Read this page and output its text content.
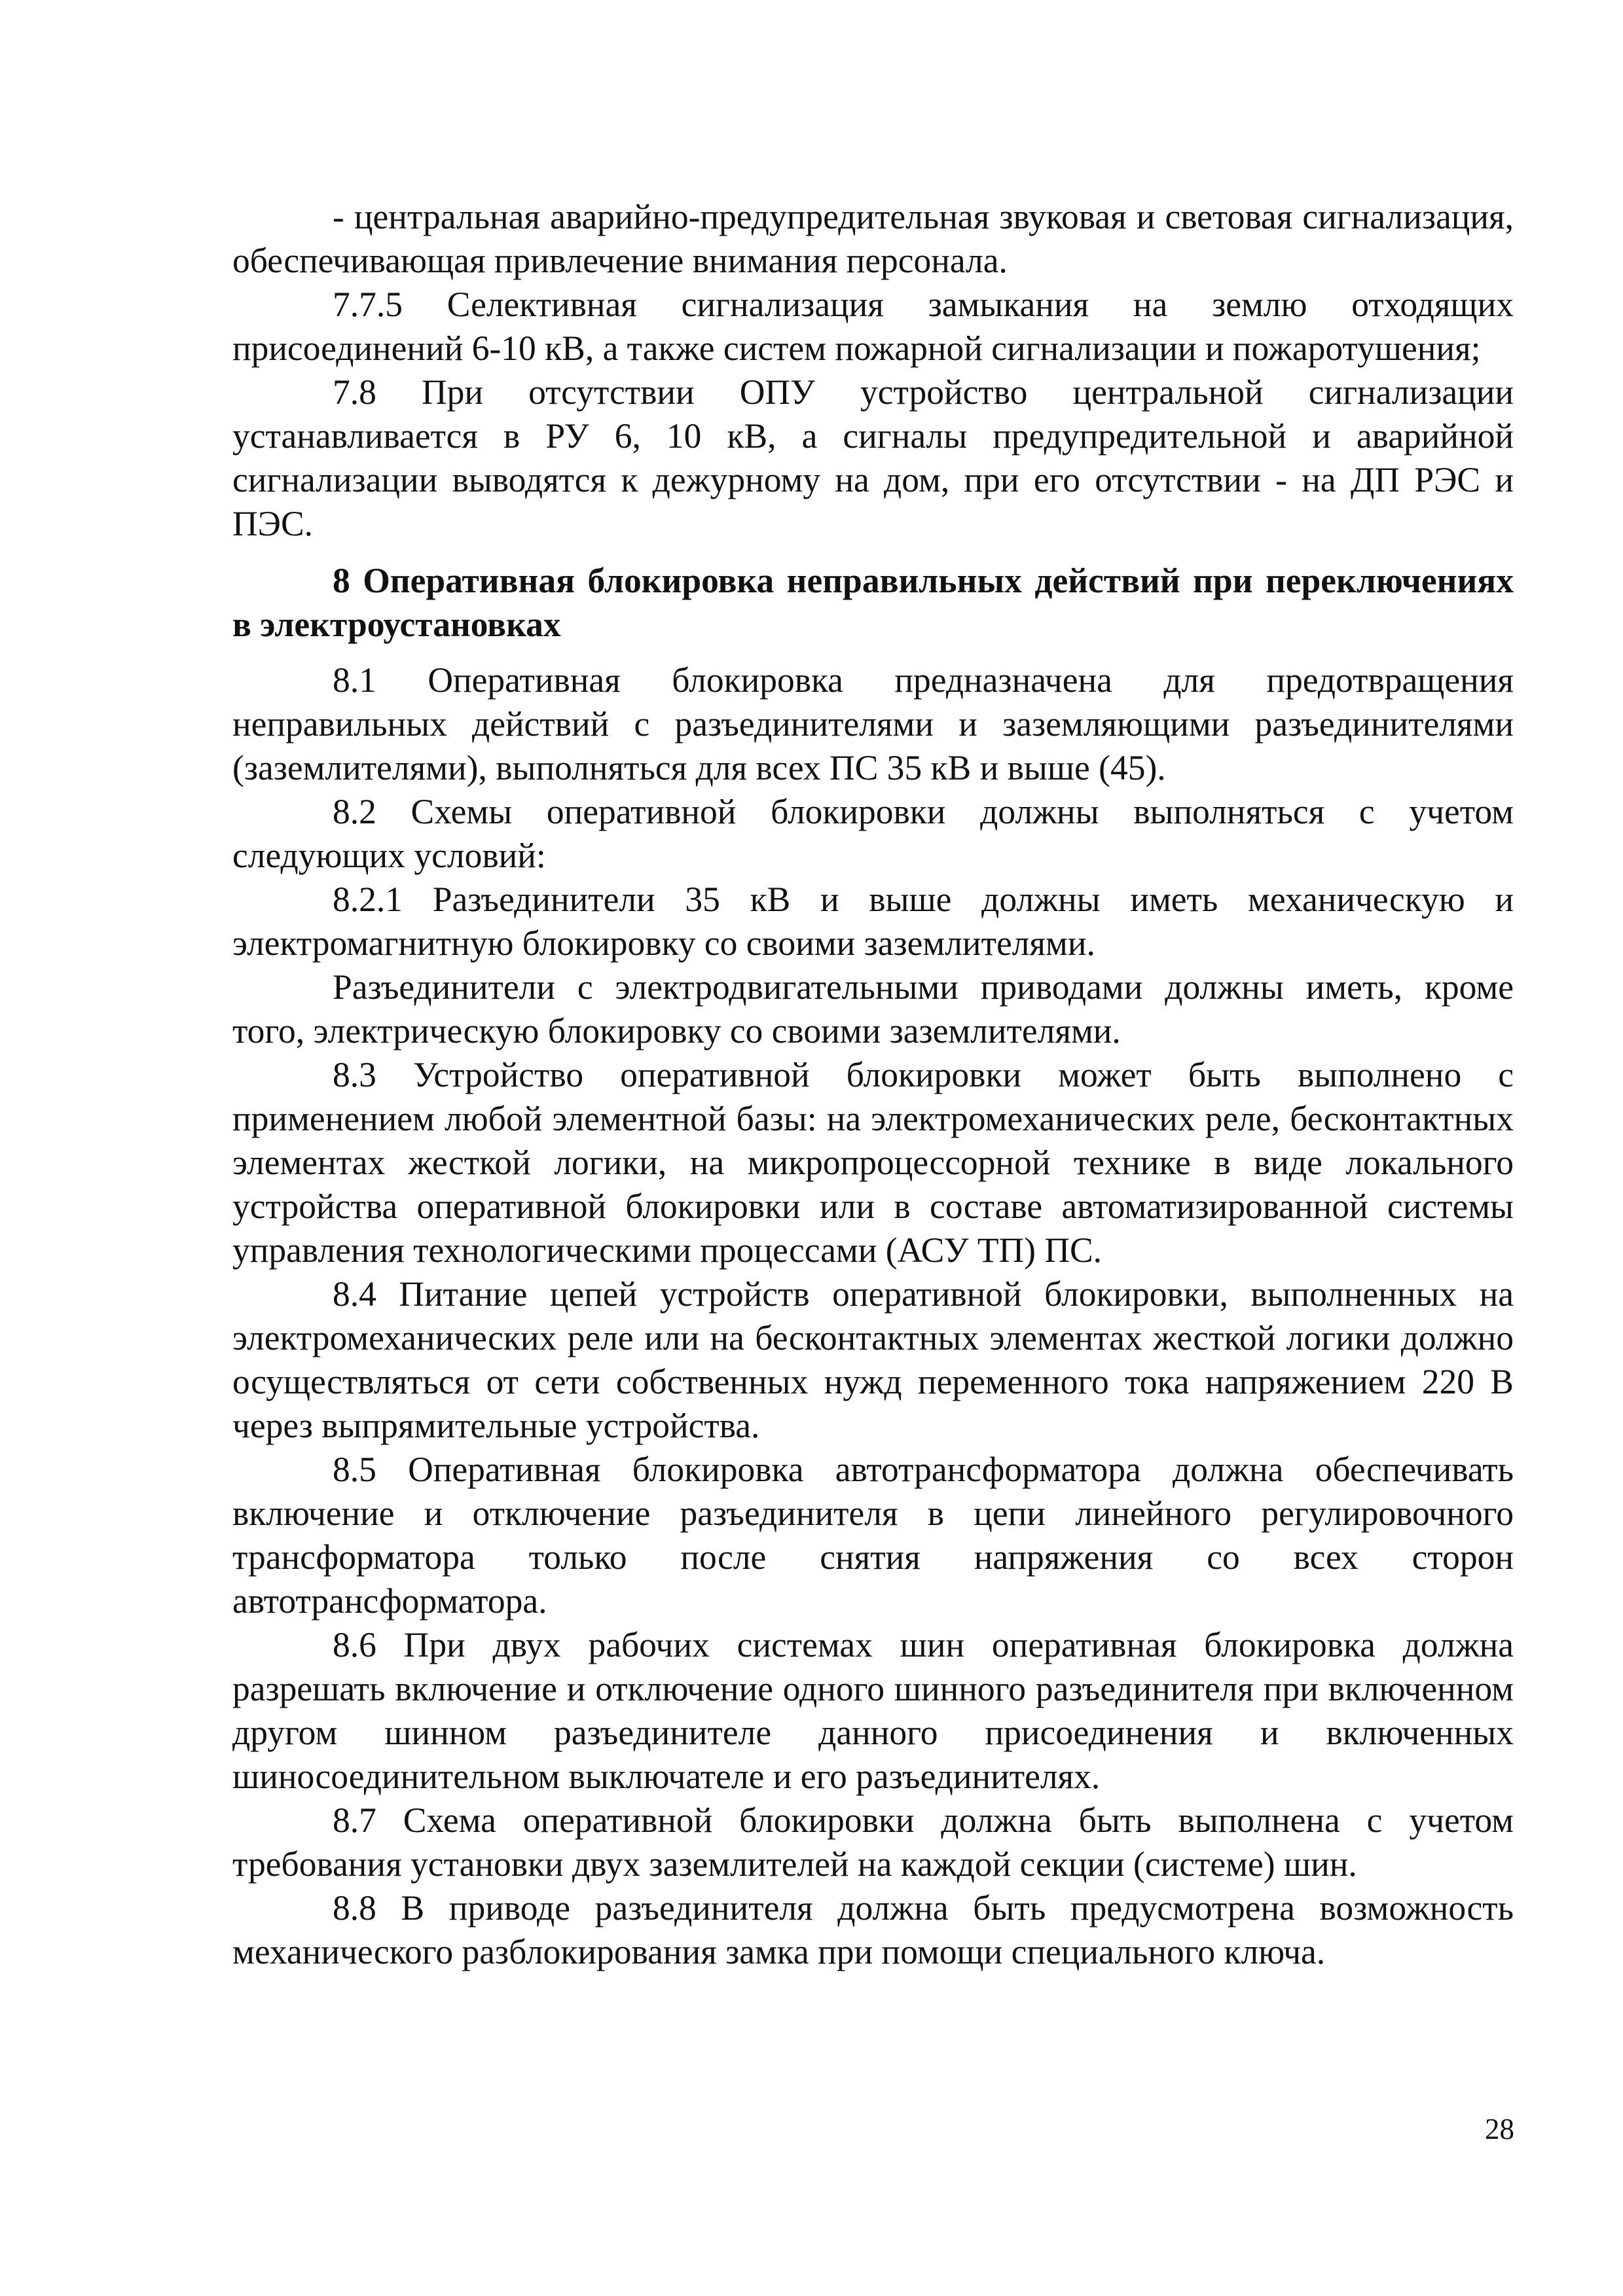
- центральная аварийно-предупредительная звуковая и световая сигнализация, обеспечивающая привлечение внимания персонала.

7.7.5 Селективная сигнализация замыкания на землю отходящих присоединений 6-10 кВ, а также систем пожарной сигнализации и пожаротушения;

7.8 При отсутствии ОПУ устройство центральной сигнализации устанавливается в РУ 6, 10 кВ, а сигналы предупредительной и аварийной сигнализации выводятся к дежурному на дом, при его отсутствии - на ДП РЭС и ПЭС.

8 Оперативная блокировка неправильных действий при переключениях в электроустановках

8.1 Оперативная блокировка предназначена для предотвращения неправильных действий с разъединителями и заземляющими разъединителями (заземлителями), выполняться для всех ПС 35 кВ и выше (45).

8.2 Схемы оперативной блокировки должны выполняться с учетом следующих условий:

8.2.1 Разъединители 35 кВ и выше должны иметь механическую и электромагнитную блокировку со своими заземлителями.

Разъединители с электродвигательными приводами должны иметь, кроме того, электрическую блокировку со своими заземлителями.

8.3 Устройство оперативной блокировки может быть выполнено с применением любой элементной базы: на электромеханических реле, бесконтактных элементах жесткой логики, на микропроцессорной технике в виде локального устройства оперативной блокировки или в составе автоматизированной системы управления технологическими процессами (АСУ ТП) ПС.

8.4 Питание цепей устройств оперативной блокировки, выполненных на электромеханических реле или на бесконтактных элементах жесткой логики должно осуществляться от сети собственных нужд переменного тока напряжением 220 В через выпрямительные устройства.

8.5 Оперативная блокировка автотрансформатора должна обеспечивать включение и отключение разъединителя в цепи линейного регулировочного трансформатора только после снятия напряжения со всех сторон автотрансформатора.

8.6 При двух рабочих системах шин оперативная блокировка должна разрешать включение и отключение одного шинного разъединителя при включенном другом шинном разъединителе данного присоединения и включенных шиносоединительном выключателе и его разъединителях.

8.7 Схема оперативной блокировки должна быть выполнена с учетом требования установки двух заземлителей на каждой секции (системе) шин.

8.8 В приводе разъединителя должна быть предусмотрена возможность механического разблокирования замка при помощи специального ключа.

28
